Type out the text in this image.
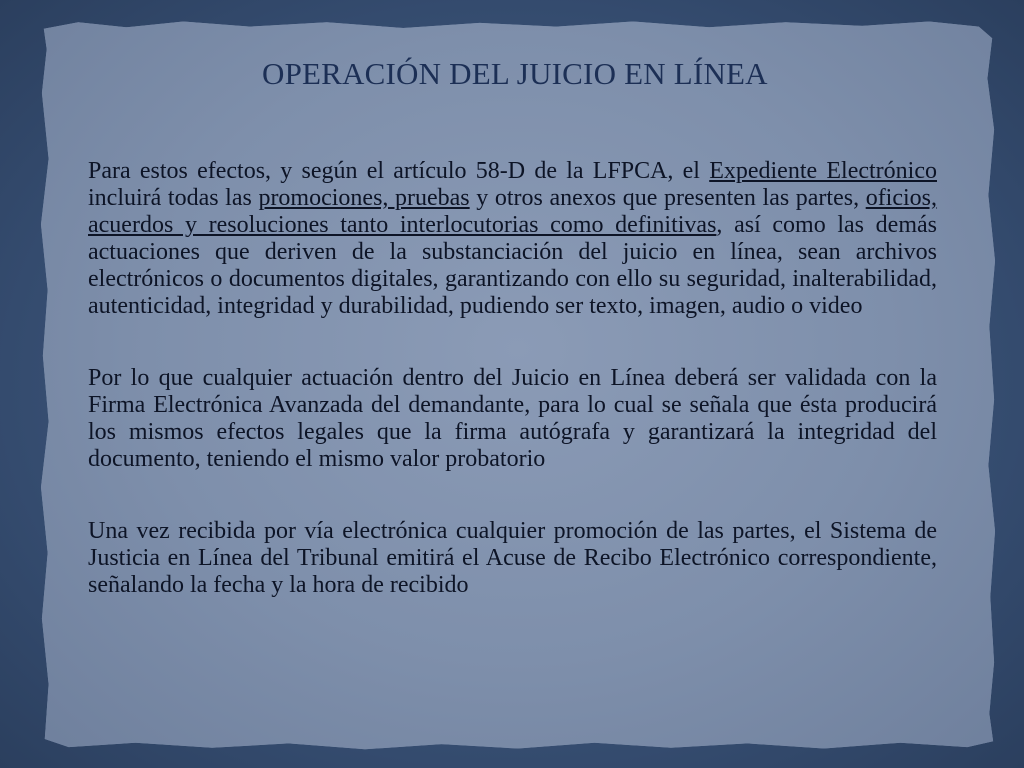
OPERACIÓN DEL JUICIO EN LÍNEA

Para estos efectos, y según el artículo 58-D de la LFPCA, el Expediente Electrónico incluirá todas las promociones, pruebas y otros anexos que presenten las partes, oficios, acuerdos y resoluciones tanto interlocutorias como definitivas, así como las demás actuaciones que deriven de la substanciación del juicio en línea, sean archivos electrónicos o documentos digitales, garantizando con ello su seguridad, inalterabilidad, autenticidad, integridad y durabilidad, pudiendo ser texto, imagen, audio o video

Por lo que cualquier actuación dentro del Juicio en Línea deberá ser validada con la Firma Electrónica Avanzada del demandante, para lo cual se señala que ésta producirá los mismos efectos legales que la firma autógrafa y garantizará la integridad del documento, teniendo el mismo valor probatorio

Una vez recibida por vía electrónica cualquier promoción de las partes, el Sistema de Justicia en Línea del Tribunal emitirá el Acuse de Recibo Electrónico correspondiente, señalando la fecha y la hora de recibido
